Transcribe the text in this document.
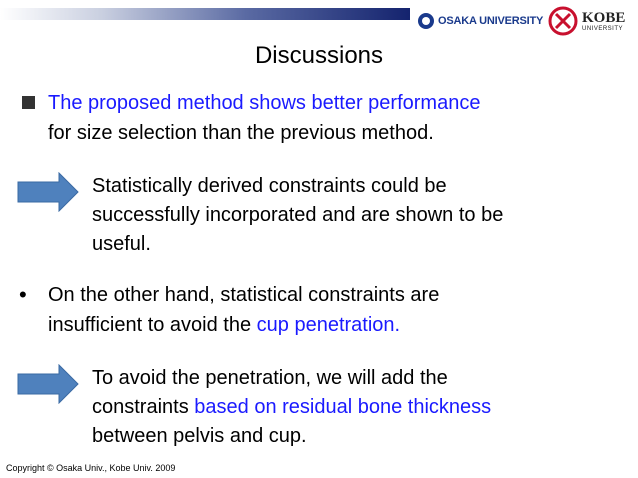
OSAKA UNIVERSITY	KOBE
UNIVERSITY
Discussions
The proposed method shows better performance
for size selection than the previous method.
Statistically derived constraints could be
successfully incorporated and are shown to be
useful.
• On the other hand, statistical constraints are
insufficient to avoid the cup penetration.
To avoid the penetration, we will add the
constraints based on residual bone thickness
between pelvis and cup.
Copyright © Osaka Univ., Kobe Univ. 2009
